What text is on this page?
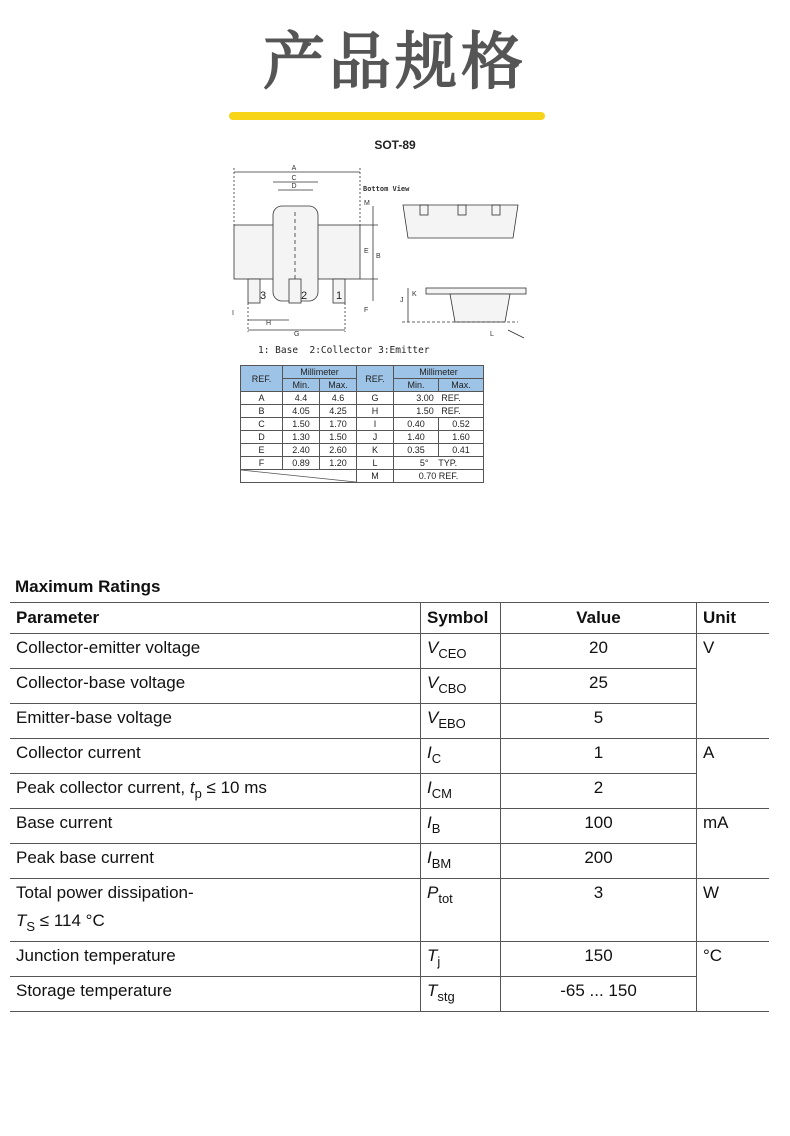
产品规格
SOT-89
A
C
D
M
B
E
F
I
H
G
J
K
L
Bottom View
3	2	1
1: Base  2:Collector 3:Emitter
REF.	Millimeter		REF.	Millimeter	
	Min.	Max.		Min.	Max.
A	4.4	4.6	G	3.00   REF.	
B	4.05	4.25	H	1.50   REF.	
C	1.50	1.70	I	0.40	0.52
D	1.30	1.50	J	1.40	1.60
E	2.40	2.60	K	0.35	0.41
F	0.89	1.20	L	5°    TYP.	

	M	0.70 REF.	
Maximum Ratings
Parameter	Symbol	Value	Unit
Collector-emitter voltage	$V_{CEO}$	20	V
Collector-base voltage	$V_{CBO}$	25	
Emitter-base voltage	$V_{EBO}$	5	
Collector current	$I_C$	1	A
Peak collector current, $t_p \le 10$ ms	$I_{CM}$	2	
Base current	$I_B$	100	mA
Peak base current	$I_{BM}$	200	
Total power dissipation-
$T_S \le 114$ °C	$P_{tot}$	3	W
Junction temperature	$T_j$	150	°C
Storage temperature	$T_{stg}$	-65 ... 150	
